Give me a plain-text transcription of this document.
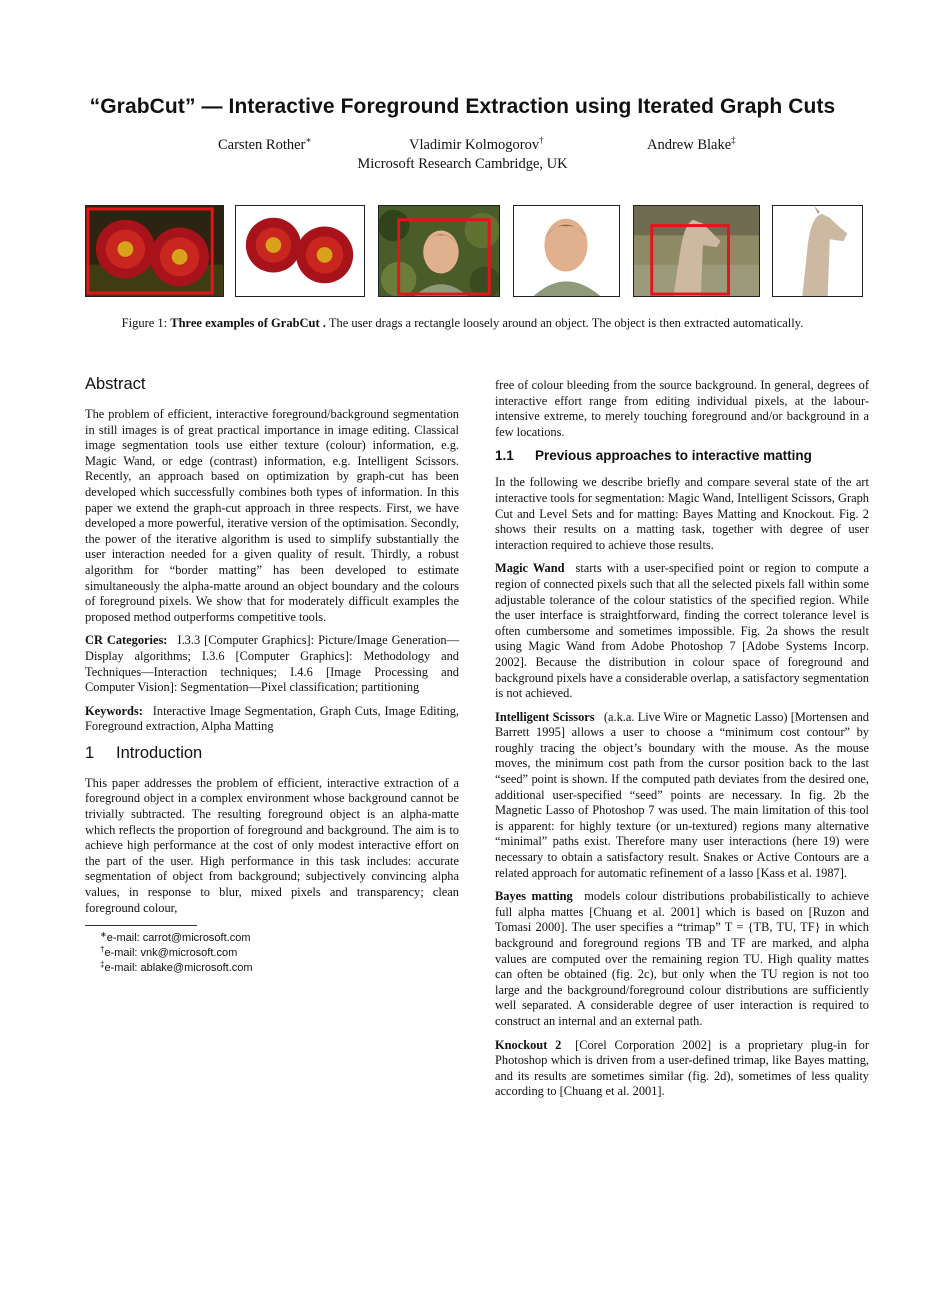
“GrabCut” — Interactive Foreground Extraction using Iterated Graph Cuts
Carsten Rother∗	Vladimir Kolmogorov†	Andrew Blake‡
Microsoft Research Cambridge, UK
Figure 1: Three examples of GrabCut . The user drags a rectangle loosely around an object. The object is then extracted automatically.
Abstract

The problem of efficient, interactive foreground/background segmentation in still images is of great practical importance in image editing. Classical image segmentation tools use either texture (colour) information, e.g. Magic Wand, or edge (contrast) information, e.g. Intelligent Scissors. Recently, an approach based on optimization by graph-cut has been developed which successfully combines both types of information. In this paper we extend the graph-cut approach in three respects. First, we have developed a more powerful, iterative version of the optimisation. Secondly, the power of the iterative algorithm is used to simplify substantially the user interaction needed for a given quality of result. Thirdly, a robust algorithm for “border matting” has been developed to estimate simultaneously the alpha-matte around an object boundary and the colours of foreground pixels. We show that for moderately difficult examples the proposed method outperforms competitive tools.

CR Categories: I.3.3 [Computer Graphics]: Picture/Image Generation—Display algorithms; I.3.6 [Computer Graphics]: Methodology and Techniques—Interaction techniques; I.4.6 [Image Processing and Computer Vision]: Segmentation—Pixel classification; partitioning

Keywords: Interactive Image Segmentation, Graph Cuts, Image Editing, Foreground extraction, Alpha Matting

1 Introduction

This paper addresses the problem of efficient, interactive extraction of a foreground object in a complex environment whose background cannot be trivially subtracted. The resulting foreground object is an alpha-matte which reflects the proportion of foreground and background. The aim is to achieve high performance at the cost of only modest interactive effort on the part of the user. High performance in this task includes: accurate segmentation of object from background; subjectively convincing alpha values, in response to blur, mixed pixels and transparency; clean foreground colour,

∗e-mail: carrot@microsoft.com
†e-mail: vnk@microsoft.com
‡e-mail: ablake@microsoft.com

free of colour bleeding from the source background. In general, degrees of interactive effort range from editing individual pixels, at the labour-intensive extreme, to merely touching foreground and/or background in a few locations.

1.1 Previous approaches to interactive matting

In the following we describe briefly and compare several state of the art interactive tools for segmentation: Magic Wand, Intelligent Scissors, Graph Cut and Level Sets and for matting: Bayes Matting and Knockout. Fig. 2 shows their results on a matting task, together with degree of user interaction required to achieve those results.

Magic Wand starts with a user-specified point or region to compute a region of connected pixels such that all the selected pixels fall within some adjustable tolerance of the colour statistics of the specified region. While the user interface is straightforward, finding the correct tolerance level is often cumbersome and sometimes impossible. Fig. 2a shows the result using Magic Wand from Adobe Photoshop 7 [Adobe Systems Incorp. 2002]. Because the distribution in colour space of foreground and background pixels have a considerable overlap, a satisfactory segmentation is not achieved.

Intelligent Scissors (a.k.a. Live Wire or Magnetic Lasso) [Mortensen and Barrett 1995] allows a user to choose a “minimum cost contour” by roughly tracing the object’s boundary with the mouse. As the mouse moves, the minimum cost path from the cursor position back to the last “seed” point is shown. If the computed path deviates from the desired one, additional user-specified “seed” points are necessary. In fig. 2b the Magnetic Lasso of Photoshop 7 was used. The main limitation of this tool is apparent: for highly texture (or un-textured) regions many alternative “minimal” paths exist. Therefore many user interactions (here 19) were necessary to obtain a satisfactory result. Snakes or Active Contours are a related approach for automatic refinement of a lasso [Kass et al. 1987].

Bayes matting models colour distributions probabilistically to achieve full alpha mattes [Chuang et al. 2001] which is based on [Ruzon and Tomasi 2000]. The user specifies a “trimap” T = {TB, TU, TF} in which background and foreground regions TB and TF are marked, and alpha values are computed over the remaining region TU. High quality mattes can often be obtained (fig. 2c), but only when the TU region is not too large and the background/foreground colour distributions are sufficiently well separated. A considerable degree of user interaction is required to construct an internal and an external path.

Knockout 2 [Corel Corporation 2002] is a proprietary plug-in for Photoshop which is driven from a user-defined trimap, like Bayes matting, and its results are sometimes similar (fig. 2d), sometimes of less quality according to [Chuang et al. 2001].
